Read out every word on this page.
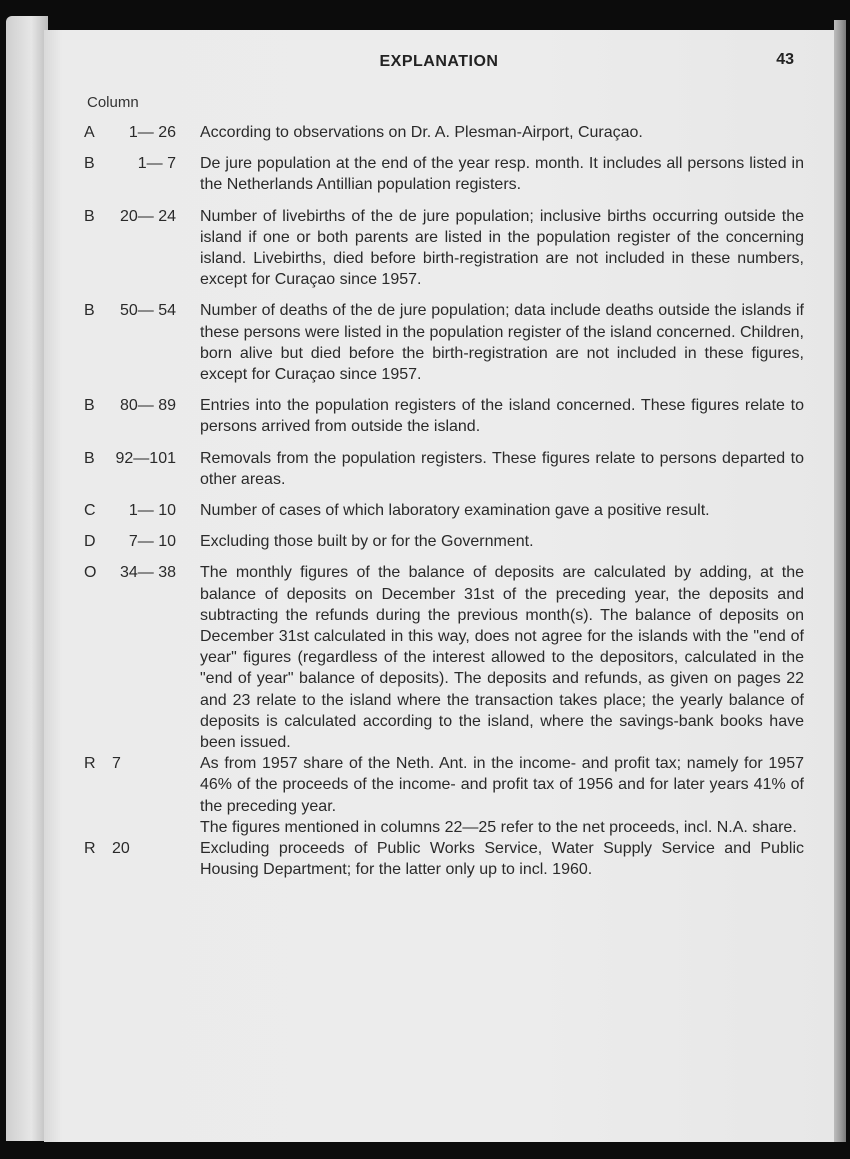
EXPLANATION	43
Column
A	1— 26 According to observations on Dr. A. Plesman-Airport, Curaçao.

B	1— 7 De jure population at the end of the year resp. month. It includes all persons listed in the Netherlands Antillian population registers.

B	20— 24 Number of livebirths of the de jure population; inclusive births occurring outside the island if one or both parents are listed in the population register of the concerning island. Livebirths, died before birth-registration are not included in these numbers, except for Curaçao since 1957.

B	50— 54 Number of deaths of the de jure population; data include deaths outside the islands if these persons were listed in the population register of the island concerned. Children, born alive but died before the birth-registration are not included in these figures, except for Curaçao since 1957.

B	80— 89 Entries into the population registers of the island concerned. These figures relate to persons arrived from outside the island.

B	92—101 Removals from the population registers. These figures relate to persons departed to other areas.

C	1— 10 Number of cases of which laboratory examination gave a positive result.

D	7— 10 Excluding those built by or for the Government.

O	34— 38 The monthly figures of the balance of deposits are calculated by adding, at the balance of deposits on December 31st of the preceding year, the deposits and subtracting the refunds during the previous month(s). The balance of deposits on December 31st calculated in this way, does not agree for the islands with the "end of year" figures (regardless of the interest allowed to the depositors, calculated in the "end of year" balance of deposits). The deposits and refunds, as given on pages 22 and 23 relate to the island where the transaction takes place; the yearly balance of deposits is calculated according to the island, where the savings-bank books have been issued.

R	7	As from 1957 share of the Neth. Ant. in the income- and profit tax; namely for 1957 46% of the proceeds of the income- and profit tax of 1956 and for later years 41% of the preceding year.

The figures mentioned in columns 22—25 refer to the net proceeds, incl. N.A. share.

R	20	Excluding proceeds of Public Works Service, Water Supply Service and Public Housing Department; for the latter only up to incl. 1960.
